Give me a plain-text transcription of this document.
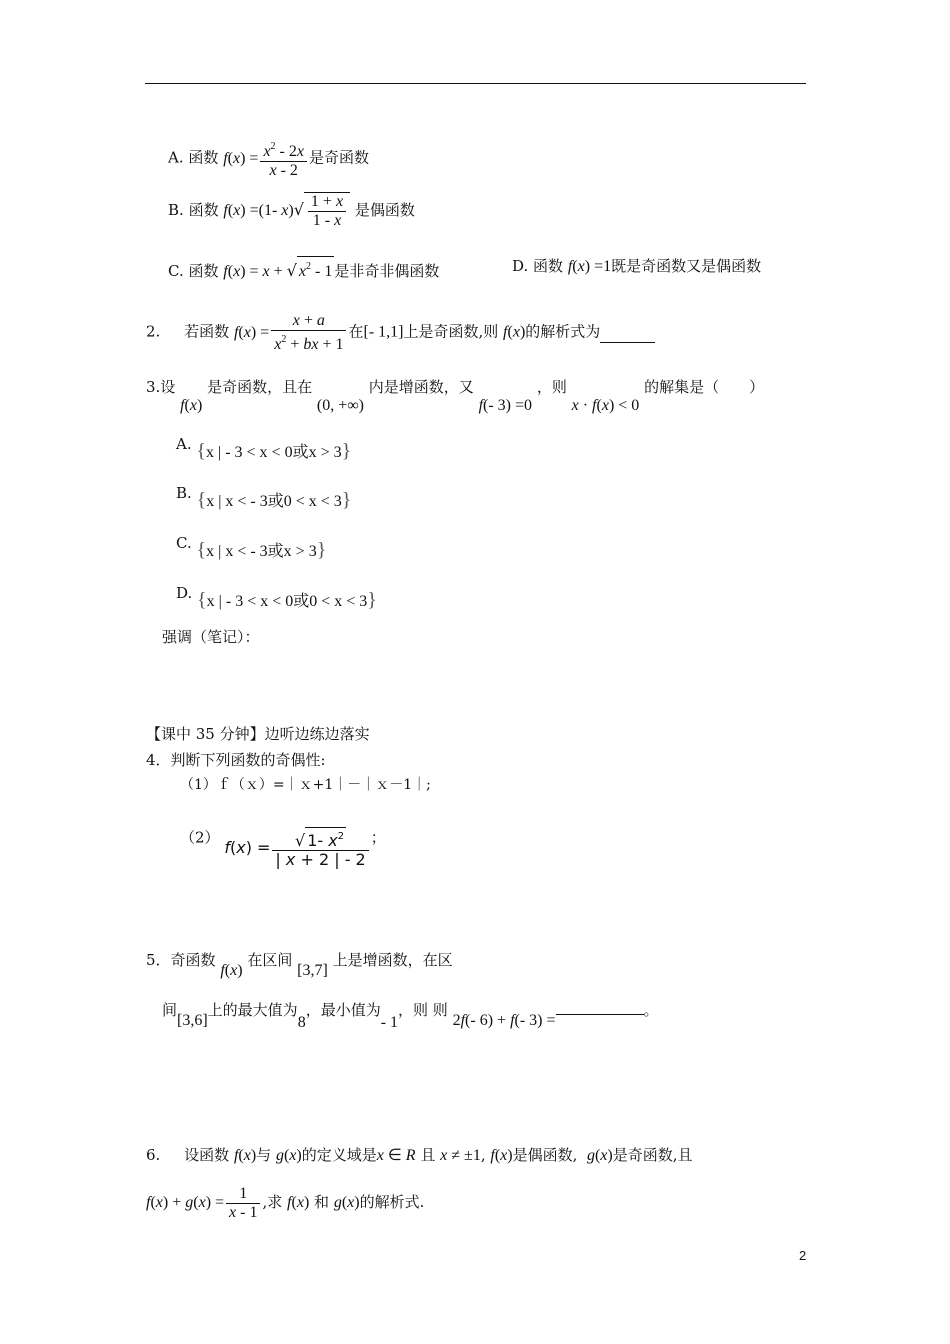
A. 函数 $f(x) = \frac{x^2 - 2x}{x - 2}$ 是奇函数
B. 函数 f(x) =(1- $x)√ \frac{1 + x}{1 - x}$ 是偶函数
C. 函数 f(x) = x + √ $x^2 - 1$ 是非奇非偶函数	D. 函数 f(x) =1既是奇函数又是偶函数
2. 若函数 $f(x) = \frac{x + a}{x^2 + bx + 1}$ 在[- 1,1]上是奇函数,则 f(x)的解析式为
3.设 f(x) 是奇函数，且在 (0, +∞) 内是增函数，又 f(- 3) =0 ，则 x · f(x) < 0 的解集是（　　）
A. {x | - 3 < x < 0或x > 3}
B. {x | x < - 3或0 < x < 3}
C. {x | x < - 3或x > 3}
D. {x | - 3 < x < 0或0 < x < 3}
强调（笔记）：
【课中 35 分钟】边听边练边落实
4．判断下列函数的奇偶性:
（1）ｆ（ｘ）=｜ｘ+1｜－｜ｘ－1｜;
（2） $f(x) = \frac{√ 1- x^2}{| x + 2 | - 2}$ ；
5．奇函数 f(x) 在区间 [3,7] 上是增函数，在区
间[3,6]上的最大值为8，最小值为- 1，则 则 2f(- 6) + f(- 3) = 。
6. 设函数 f(x)与 g(x)的定义域是x ∈ R 且 x ≠ ±1, f(x)是偶函数, g(x)是奇函数,且
$f(x) + g(x) = \frac{1}{x - 1}$ ,求 f(x) 和 g(x)的解析式.
2
